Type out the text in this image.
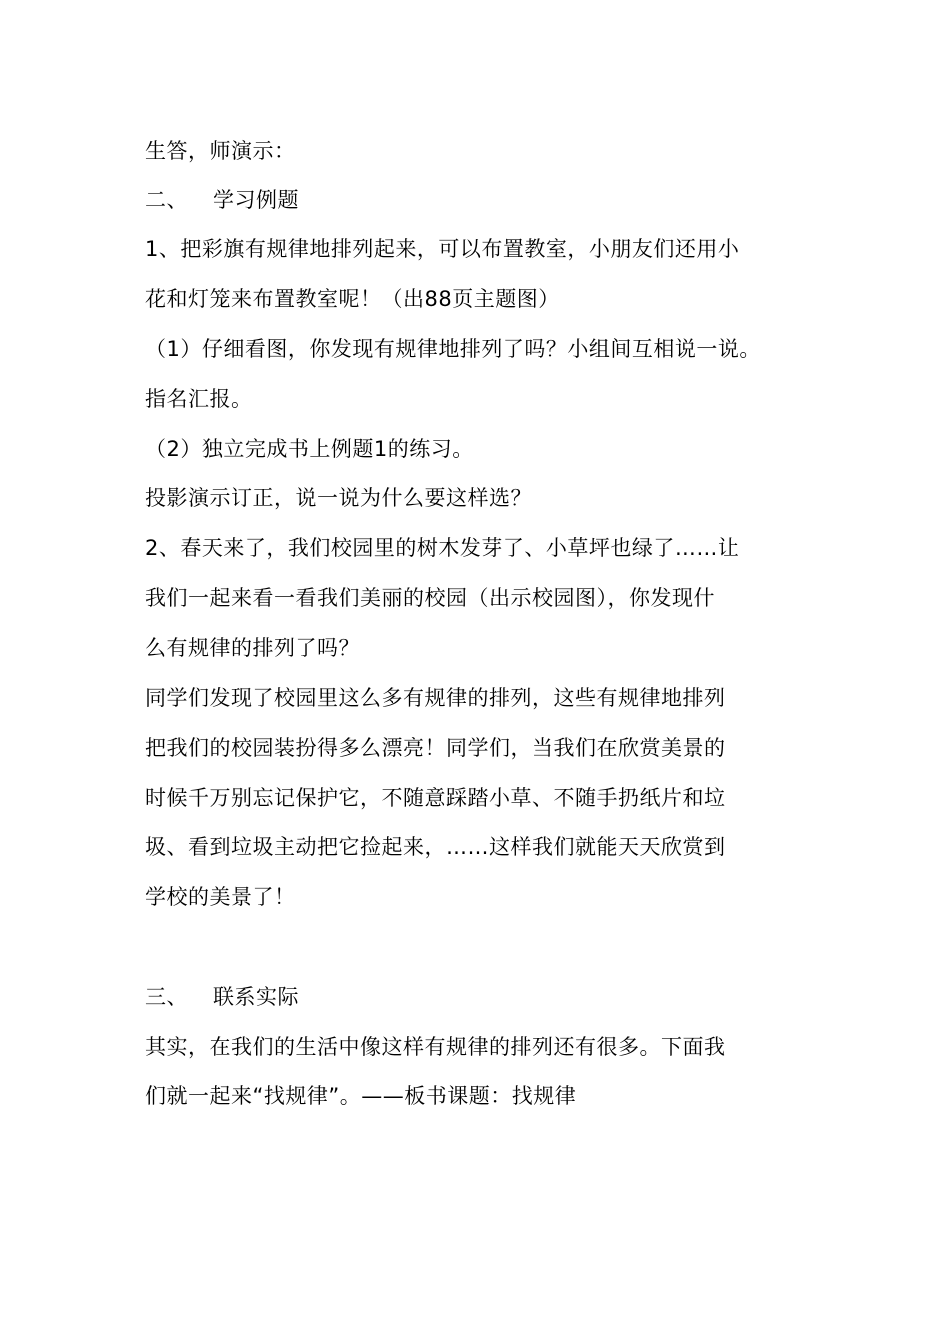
生答，师演示：
二、 学习例题
1、把彩旗有规律地排列起来，可以布置教室，小朋友们还用小
花和灯笼来布置教室呢！（出88页主题图）
（1）仔细看图，你发现有规律地排列了吗？小组间互相说一说。
指名汇报。
（2）独立完成书上例题1的练习。
投影演示订正，说一说为什么要这样选？
2、春天来了，我们校园里的树木发芽了、小草坪也绿了……让
我们一起来看一看我们美丽的校园（出示校园图），你发现什
么有规律的排列了吗？
同学们发现了校园里这么多有规律的排列，这些有规律地排列
把我们的校园装扮得多么漂亮！同学们，当我们在欣赏美景的
时候千万别忘记保护它，不随意踩踏小草、不随手扔纸片和垃
圾、看到垃圾主动把它捡起来，……这样我们就能天天欣赏到
学校的美景了！
三、 联系实际
其实，在我们的生活中像这样有规律的排列还有很多。下面我
们就一起来“找规律”。——板书课题：找规律
